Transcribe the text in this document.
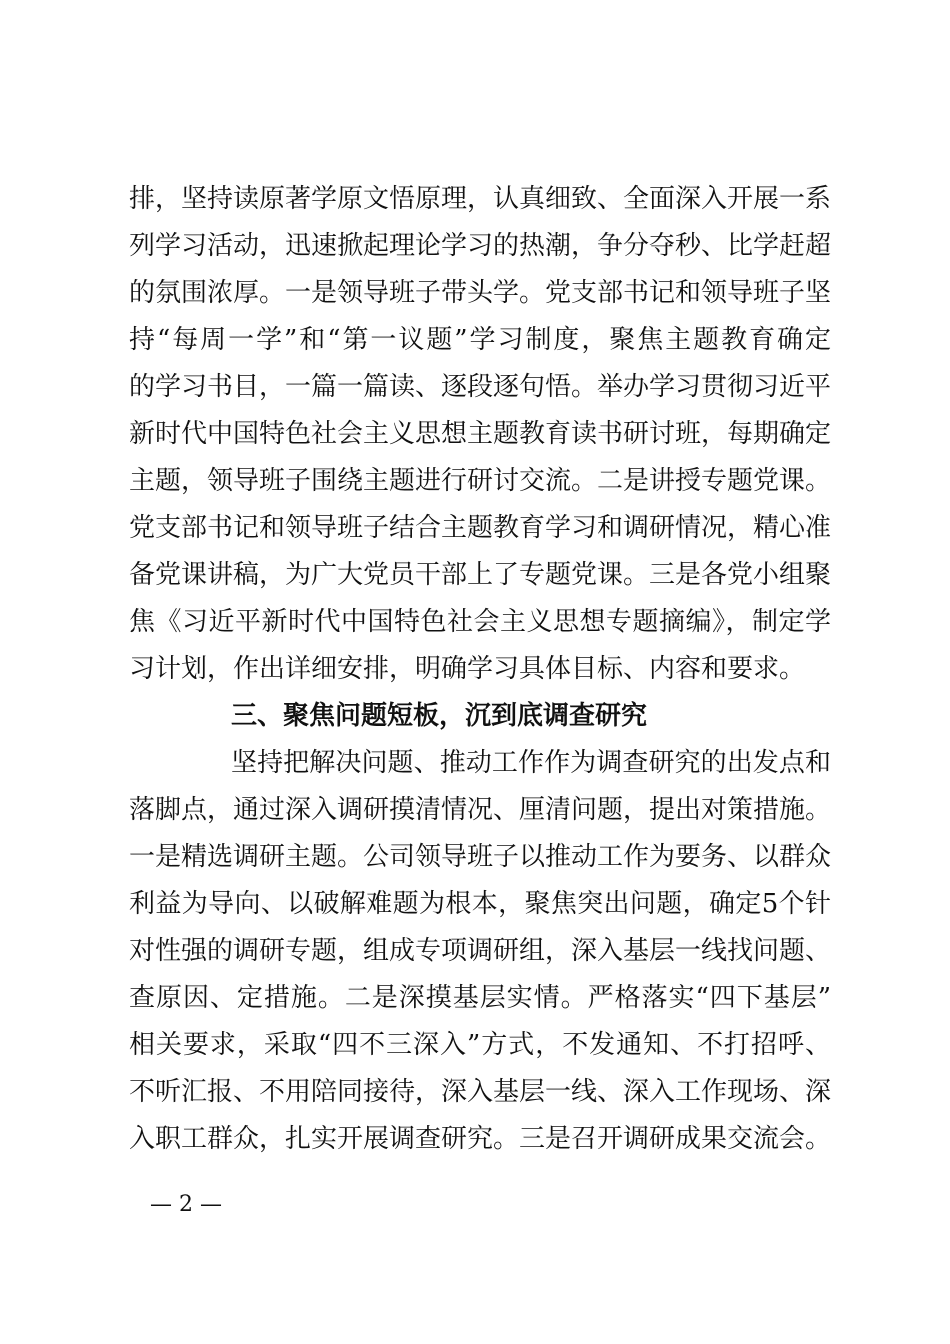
排，坚持读原著学原文悟原理，认真细致、全面深入开展一系
列学习活动，迅速掀起理论学习的热潮，争分夺秒、比学赶超
的氛围浓厚。一是领导班子带头学。党支部书记和领导班子坚
持“每周一学”和“第一议题”学习制度，聚焦主题教育确定
的学习书目，一篇一篇读、逐段逐句悟。举办学习贯彻习近平
新时代中国特色社会主义思想主题教育读书研讨班，每期确定
主题，领导班子围绕主题进行研讨交流。二是讲授专题党课。
党支部书记和领导班子结合主题教育学习和调研情况，精心准
备党课讲稿，为广大党员干部上了专题党课。三是各党小组聚
焦《习近平新时代中国特色社会主义思想专题摘编》，制定学
习计划，作出详细安排，明确学习具体目标、内容和要求。
三、聚焦问题短板，沉到底调查研究
坚持把解决问题、推动工作作为调查研究的出发点和
落脚点，通过深入调研摸清情况、厘清问题，提出对策措施。
一是精选调研主题。公司领导班子以推动工作为要务、以群众
利益为导向、以破解难题为根本，聚焦突出问题，确定5个针
对性强的调研专题，组成专项调研组，深入基层一线找问题、
查原因、定措施。二是深摸基层实情。严格落实“四下基层”
相关要求，采取“四不三深入”方式，不发通知、不打招呼、
不听汇报、不用陪同接待，深入基层一线、深入工作现场、深
入职工群众，扎实开展调查研究。三是召开调研成果交流会。
— 2 —
